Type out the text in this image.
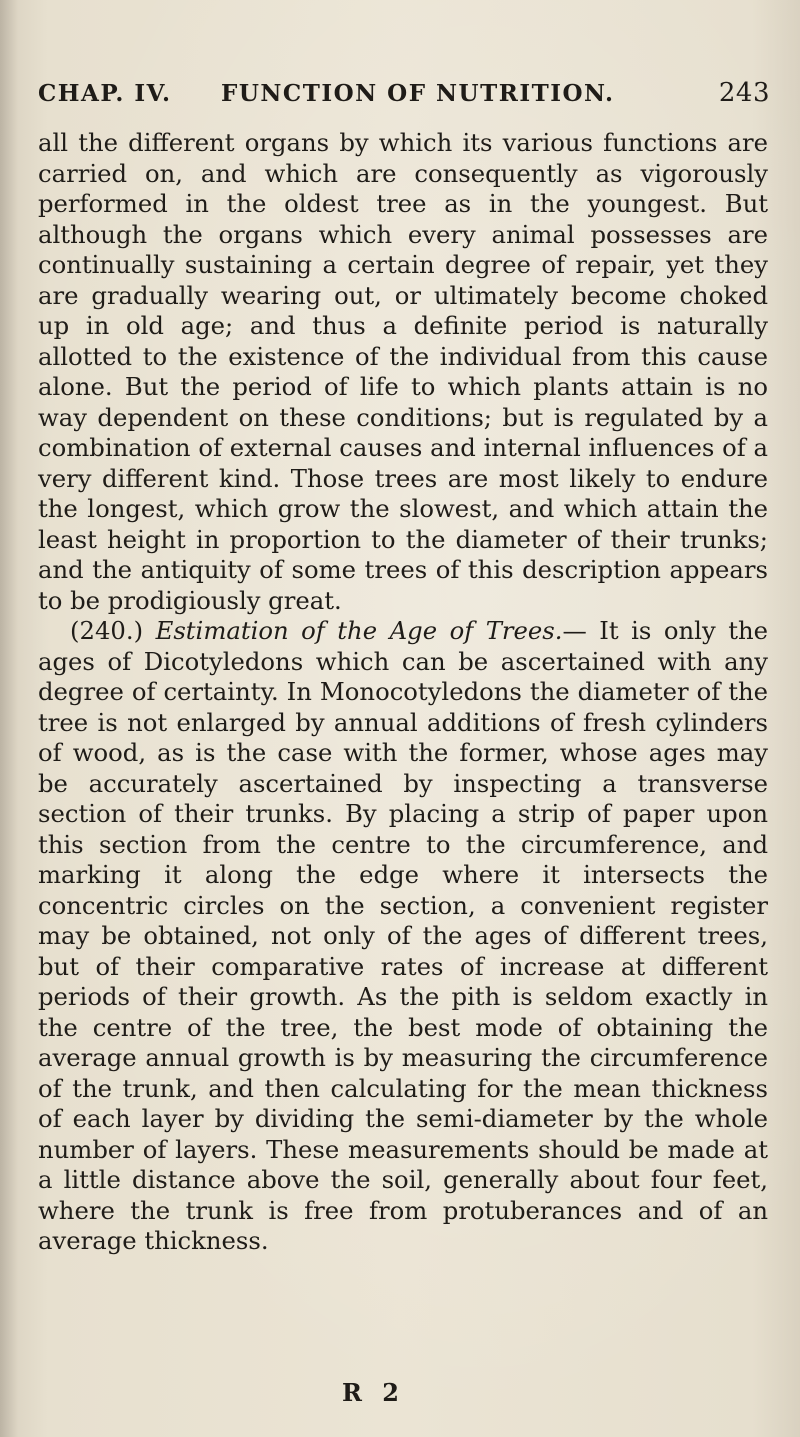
CHAP. IV. FUNCTION OF NUTRITION.	243

all the different organs by which its various functions are carried on, and which are consequently as vigorously performed in the oldest tree as in the youngest. But although the organs which every animal possesses are continually sustaining a certain degree of repair, yet they are gradually wearing out, or ultimately become choked up in old age; and thus a definite period is naturally allotted to the existence of the individual from this cause alone. But the period of life to which plants attain is no way dependent on these conditions; but is regulated by a combination of external causes and internal influences of a very different kind. Those trees are most likely to endure the longest, which grow the slowest, and which attain the least height in proportion to the diameter of their trunks; and the antiquity of some trees of this description appears to be prodigiously great.

(240.) Estimation of the Age of Trees.— It is only the ages of Dicotyledons which can be ascertained with any degree of certainty. In Monocotyledons the diameter of the tree is not enlarged by annual additions of fresh cylinders of wood, as is the case with the former, whose ages may be accurately ascertained by inspecting a transverse section of their trunks. By placing a strip of paper upon this section from the centre to the circumference, and marking it along the edge where it intersects the concentric circles on the section, a convenient register may be obtained, not only of the ages of different trees, but of their comparative rates of increase at different periods of their growth. As the pith is seldom exactly in the centre of the tree, the best mode of obtaining the average annual growth is by measuring the circumference of the trunk, and then calculating for the mean thickness of each layer by dividing the semi-diameter by the whole number of layers. These measurements should be made at a little distance above the soil, generally about four feet, where the trunk is free from protuberances and of an average thickness.

R 2
